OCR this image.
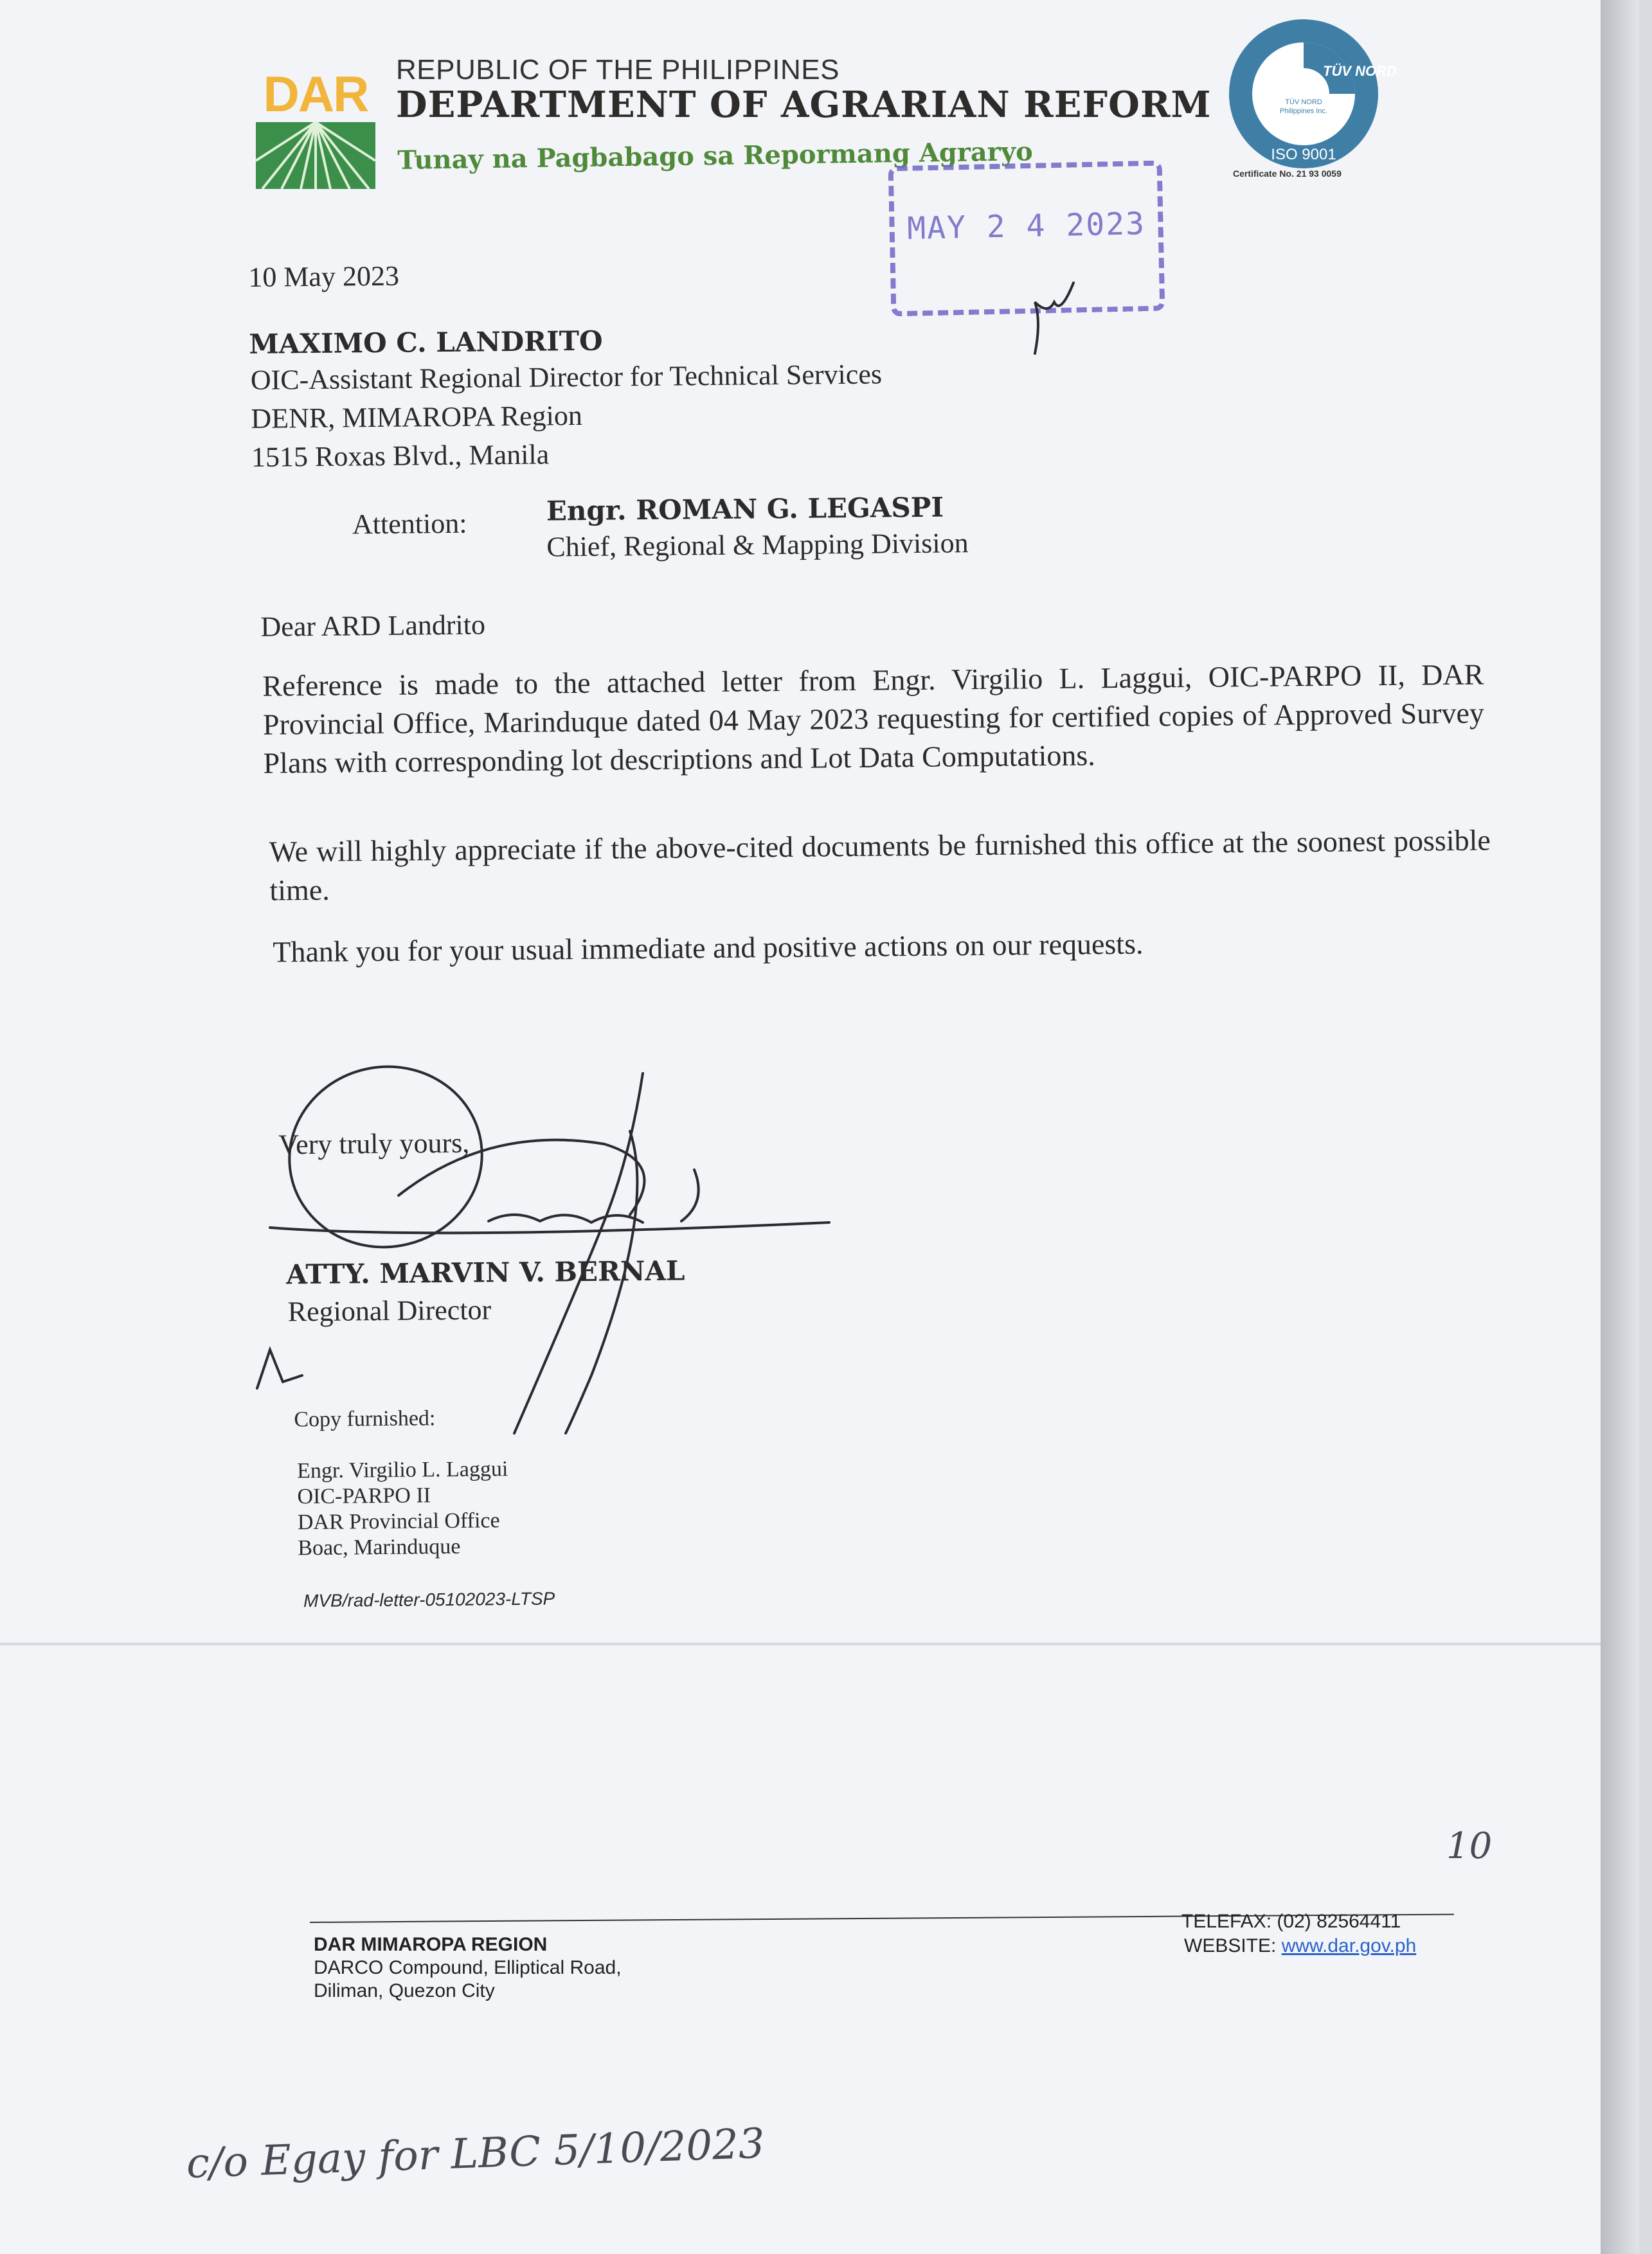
DAR REPUBLIC OF THE PHILIPPINES
DEPARTMENT OF AGRARIAN REFORM
Tunay na Pagbabago sa Repormang Agraryo
TÜV NORD
TÜV NORD
Philippines Inc.
ISO 9001
Certificate No. 21 93 0059
MAY 2 4 2023
10 May 2023
MAXIMO C. LANDRITO
OIC-Assistant Regional Director for Technical Services
DENR, MIMAROPA Region
1515 Roxas Blvd., Manila
Attention:	Engr. ROMAN G. LEGASPI
Chief, Regional & Mapping Division
Dear ARD Landrito
Reference is made to the attached letter from Engr. Virgilio L. Laggui, OIC-PARPO II, DAR Provincial Office, Marinduque dated 04 May 2023 requesting for certified copies of Approved Survey Plans with corresponding lot descriptions and Lot Data Computations.
We will highly appreciate if the above-cited documents be furnished this office at the soonest possible time.
Thank you for your usual immediate and positive actions on our requests.
Very truly yours,
ATTY. MARVIN V. BERNAL
Regional Director
Copy furnished:
Engr. Virgilio L. Laggui
OIC-PARPO II
DAR Provincial Office
Boac, Marinduque
MVB/rad-letter-05102023-LTSP
DAR MIMAROPA REGION
DARCO Compound, Elliptical Road,
Diliman, Quezon City
TELEFAX: (02) 82564411
WEBSITE: www.dar.gov.ph
10
c/o Egay for LBC 5/10/2023
